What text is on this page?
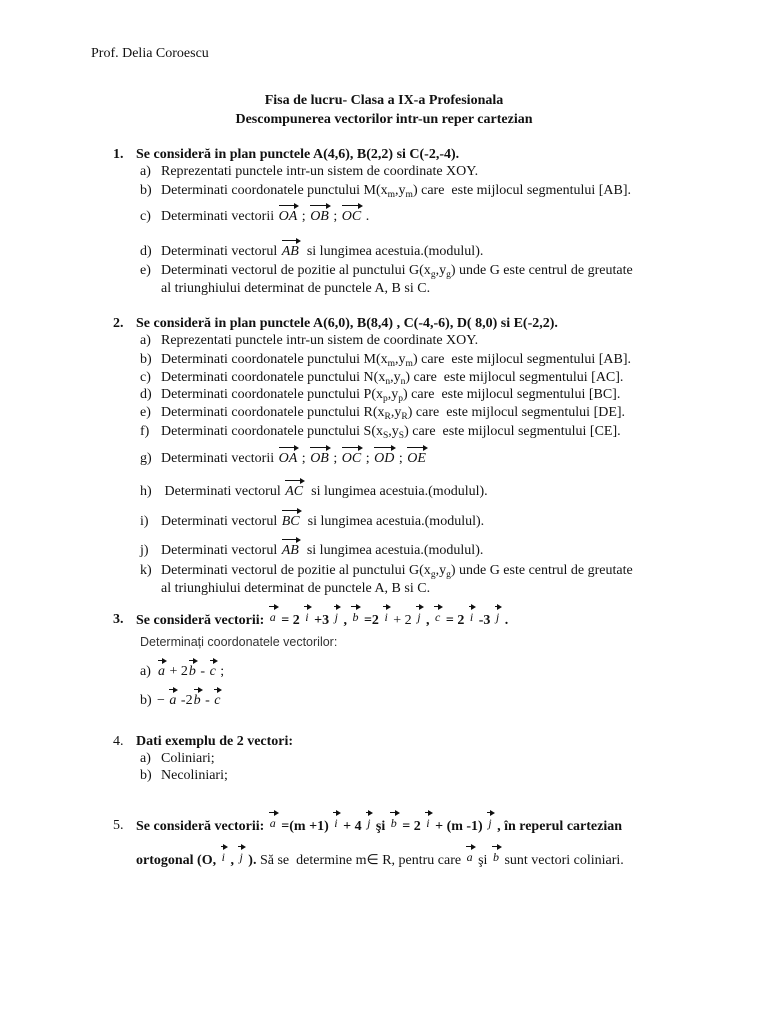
Prof. Delia Coroescu
Fisa de lucru- Clasa a IX-a Profesionala
Descompunerea vectorilor intr-un reper cartezian
1. Se consideră in plan punctele A(4,6), B(2,2) si C(-2,-4).
a) Reprezentati punctele intr-un sistem de coordinate XOY.
b) Determinati coordonatele punctului $M(x_m,y_m)$ care  este mijlocul segmentului [AB].
c) Determinati vectorii OA ; OB ; OC .
d) Determinati vectorul AB  si lungimea acestuia.(modulul).
e) Determinati vectorul de pozitie al punctului $G(x_g,y_g)$ unde G este centrul de greutate
al triunghiului determinat de punctele A, B si C.
2. Se consideră in plan punctele A(6,0), B(8,4) , C(-4,-6), D( 8,0) si E(-2,2).
a) Reprezentati punctele intr-un sistem de coordinate XOY.
b) Determinati coordonatele punctului $M(x_m,y_m)$ care  este mijlocul segmentului [AB].
c) Determinati coordonatele punctului $N(x_n,y_n)$ care  este mijlocul segmentului [AC].
d) Determinati coordonatele punctului $P(x_p,y_p)$ care  este mijlocul segmentului [BC].
e) Determinati coordonatele punctului $R(x_R,y_R)$ care  este mijlocul segmentului [DE].
f) Determinati coordonatele punctului $S(x_S,y_S)$ care  este mijlocul segmentului [CE].
g) Determinati vectorii OA ; OB ; OC ; OD ; OE
h) Determinati vectorul AC  si lungimea acestuia.(modulul).
i) Determinati vectorul BC  si lungimea acestuia.(modulul).
j) Determinati vectorul AB  si lungimea acestuia.(modulul).
k) Determinati vectorul de pozitie al punctului $G(x_g,y_g)$ unde G este centrul de greutate
al triunghiului determinat de punctele A, B si C.
3. Se consideră vectorii: a = 2 i +3 j , b =2 i + 2 j , c = 2 i -3 j .
Determinați coordonatele vectorilor:
a) a + 2b - c ;
b) − a -2b - c
4. Dati exemplu de 2 vectori:
a) Coliniari;
b) Necoliniari;
5. Se consideră vectorii: a =(m +1) i + 4 j şi b = 2 i + (m -1) j , în reperul cartezian
ortogonal (O, i , j ). Să se  determine m∈ R, pentru care a şi b sunt vectori coliniari.
